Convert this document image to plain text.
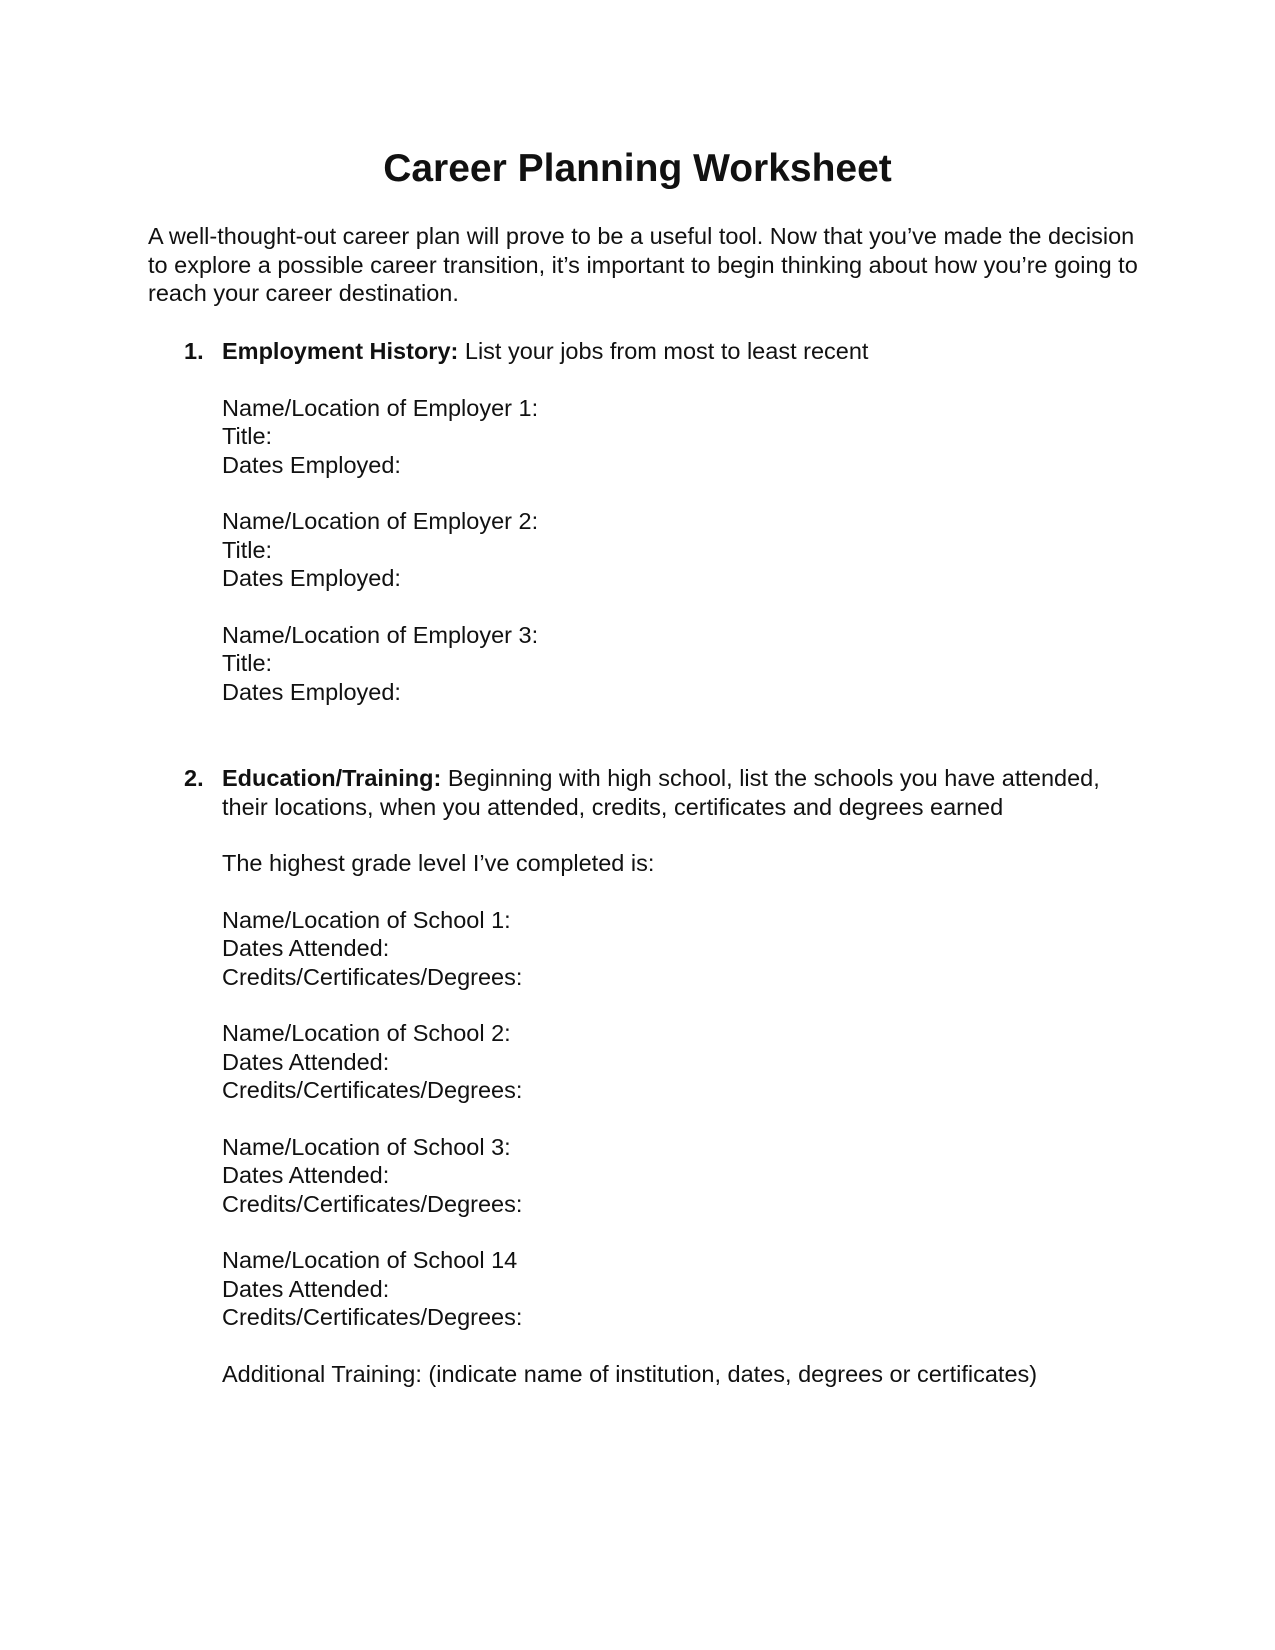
Career Planning Worksheet

A well-thought-out career plan will prove to be a useful tool. Now that you’ve made the decision to explore a possible career transition, it’s important to begin thinking about how you’re going to reach your career destination.

1. Employment History: List your jobs from most to least recent
Name/Location of Employer 1:
Title:
Dates Employed:
Name/Location of Employer 2:
Title:
Dates Employed:
Name/Location of Employer 3:
Title:
Dates Employed:
2. Education/Training: Beginning with high school, list the schools you have attended, their locations, when you attended, credits, certificates and degrees earned
The highest grade level I’ve completed is:
Name/Location of School 1:
Dates Attended:
Credits/Certificates/Degrees:
Name/Location of School 2:
Dates Attended:
Credits/Certificates/Degrees:
Name/Location of School 3:
Dates Attended:
Credits/Certificates/Degrees:
Name/Location of School 14
Dates Attended:
Credits/Certificates/Degrees:
Additional Training: (indicate name of institution, dates, degrees or certificates)
